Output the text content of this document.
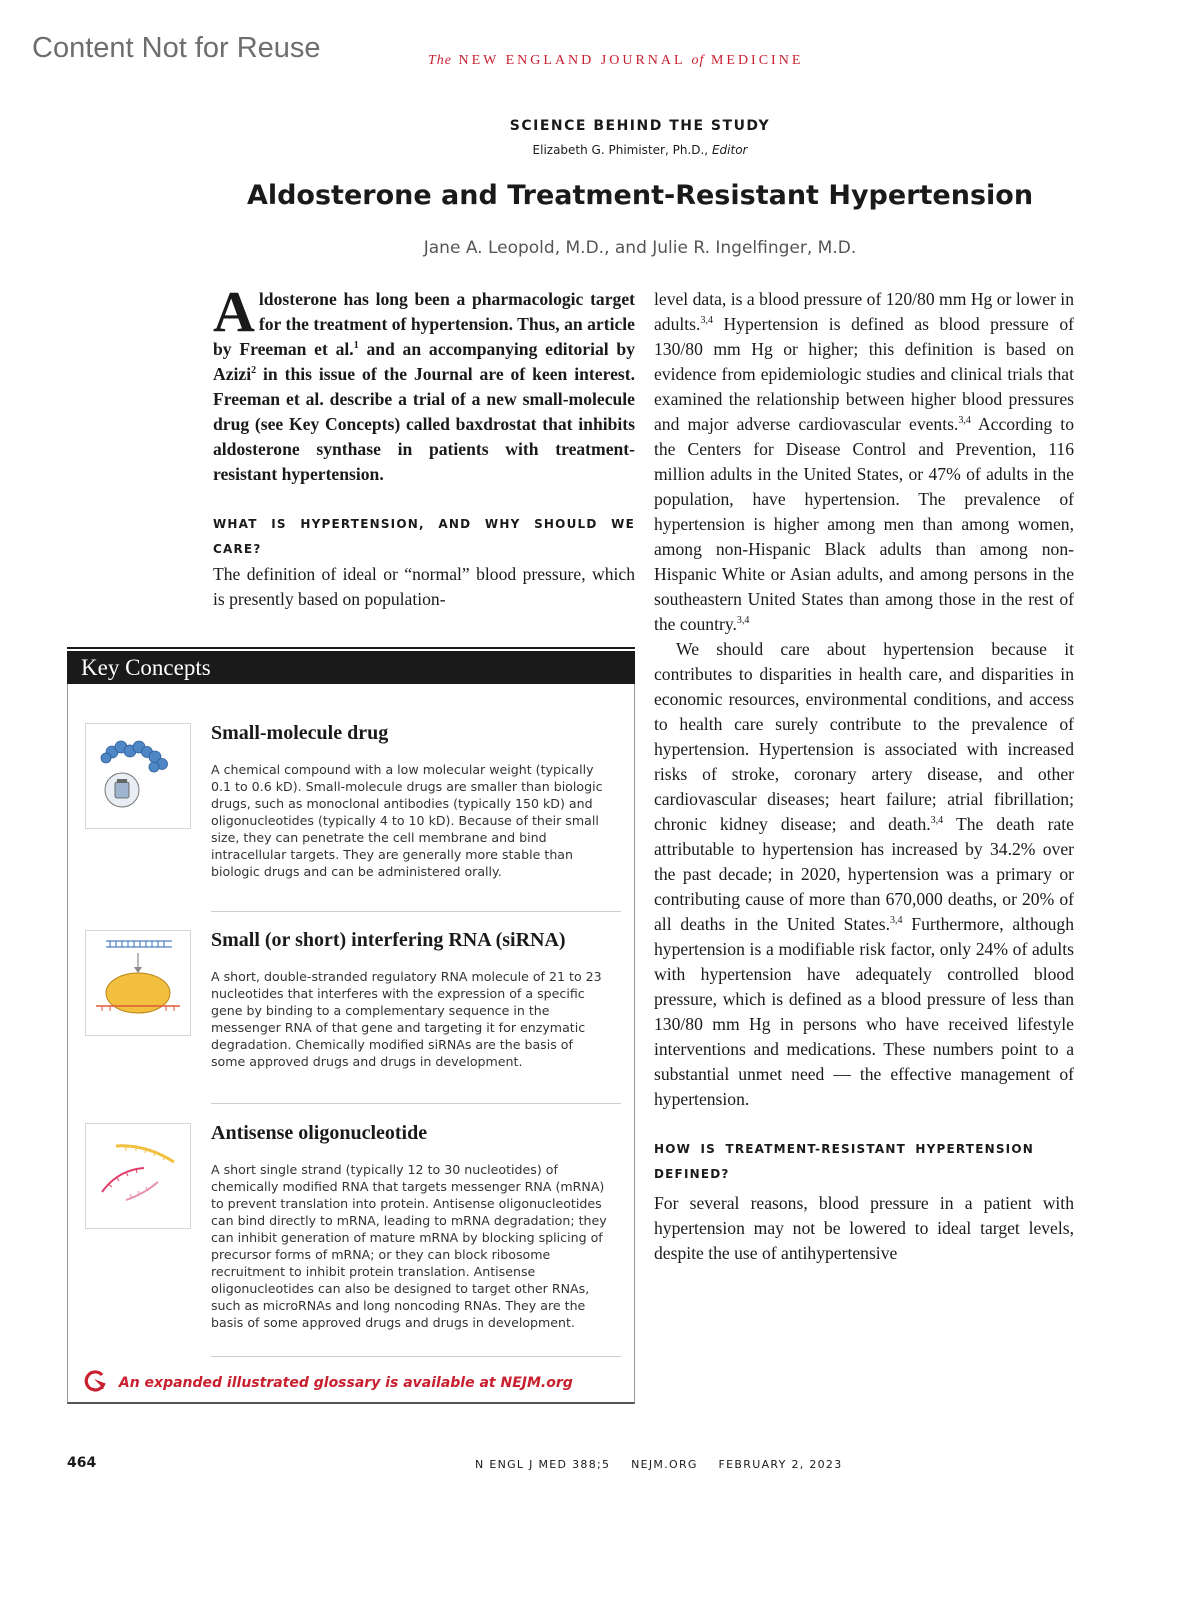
Content Not for Reuse	The NEW ENGLAND JOURNAL of MEDICINE
SCIENCE BEHIND THE STUDY
Elizabeth G. Phimister, Ph.D., Editor
Aldosterone and Treatment-Resistant Hypertension
Jane A. Leopold, M.D., and Julie R. Ingelfinger, M.D.

Aldosterone has long been a pharmacologic target for the treatment of hypertension. Thus, an article by Freeman et al.$^1$ and an accompanying editorial by Azizi$^2$ in this issue of the Journal are of keen interest. Freeman et al. describe a trial of a new small-molecule drug (see Key Concepts) called baxdrostat that inhibits aldosterone synthase in patients with treatment-resistant hypertension.

WHAT IS HYPERTENSION, AND WHY SHOULD WE CARE?

The definition of ideal or “normal” blood pressure, which is presently based on population-

level data, is a blood pressure of 120/80 mm Hg or lower in adults.$^{3,4}$ Hypertension is defined as blood pressure of 130/80 mm Hg or higher; this definition is based on evidence from epidemiologic studies and clinical trials that examined the relationship between higher blood pressures and major adverse cardiovascular events.$^{3,4}$ According to the Centers for Disease Control and Prevention, 116 million adults in the United States, or 47% of adults in the population, have hypertension. The prevalence of hypertension is higher among men than among women, among non-Hispanic Black adults than among non-Hispanic White or Asian adults, and among persons in the southeastern United States than among those in the rest of the country.$^{3,4}$

We should care about hypertension because it contributes to disparities in health care, and disparities in economic resources, environmental conditions, and access to health care surely contribute to the prevalence of hypertension. Hypertension is associated with increased risks of stroke, coronary artery disease, and other cardiovascular diseases; heart failure; atrial fibrillation; chronic kidney disease; and death.$^{3,4}$ The death rate attributable to hypertension has increased by 34.2% over the past decade; in 2020, hypertension was a primary or contributing cause of more than 670,000 deaths, or 20% of all deaths in the United States.$^{3,4}$ Furthermore, although hypertension is a modifiable risk factor, only 24% of adults with hypertension have adequately controlled blood pressure, which is defined as a blood pressure of less than 130/80 mm Hg in persons who have received lifestyle interventions and medications. These numbers point to a substantial unmet need — the effective management of hypertension.

HOW IS TREATMENT-RESISTANT HYPERTENSION DEFINED?

For several reasons, blood pressure in a patient with hypertension may not be lowered to ideal target levels, despite the use of antihypertensive

Key Concepts
Small-molecule drug
A chemical compound with a low molecular weight (typically 0.1 to 0.6 kD). Small-molecule drugs are smaller than biologic drugs, such as monoclonal antibodies (typically 150 kD) and oligonucleotides (typically 4 to 10 kD). Because of their small size, they can penetrate the cell membrane and bind intracellular targets. They are generally more stable than biologic drugs and can be administered orally.
Small (or short) interfering RNA (siRNA)
A short, double-stranded regulatory RNA molecule of 21 to 23 nucleotides that interferes with the expression of a specific gene by binding to a complementary sequence in the messenger RNA of that gene and targeting it for enzymatic degradation. Chemically modified siRNAs are the basis of some approved drugs and drugs in development.
Antisense oligonucleotide
A short single strand (typically 12 to 30 nucleotides) of chemically modified RNA that targets messenger RNA (mRNA) to prevent translation into protein. Antisense oligonucleotides can bind directly to mRNA, leading to mRNA degradation; they can inhibit generation of mature mRNA by blocking splicing of precursor forms of mRNA; or they can block ribosome recruitment to inhibit protein translation. Antisense oligonucleotides can also be designed to target other RNAs, such as microRNAs and long noncoding RNAs. They are the basis of some approved drugs and drugs in development.
An expanded illustrated glossary is available at NEJM.org
464	N ENGL J MED 388;5 NEJM.ORG FEBRUARY 2, 2023
